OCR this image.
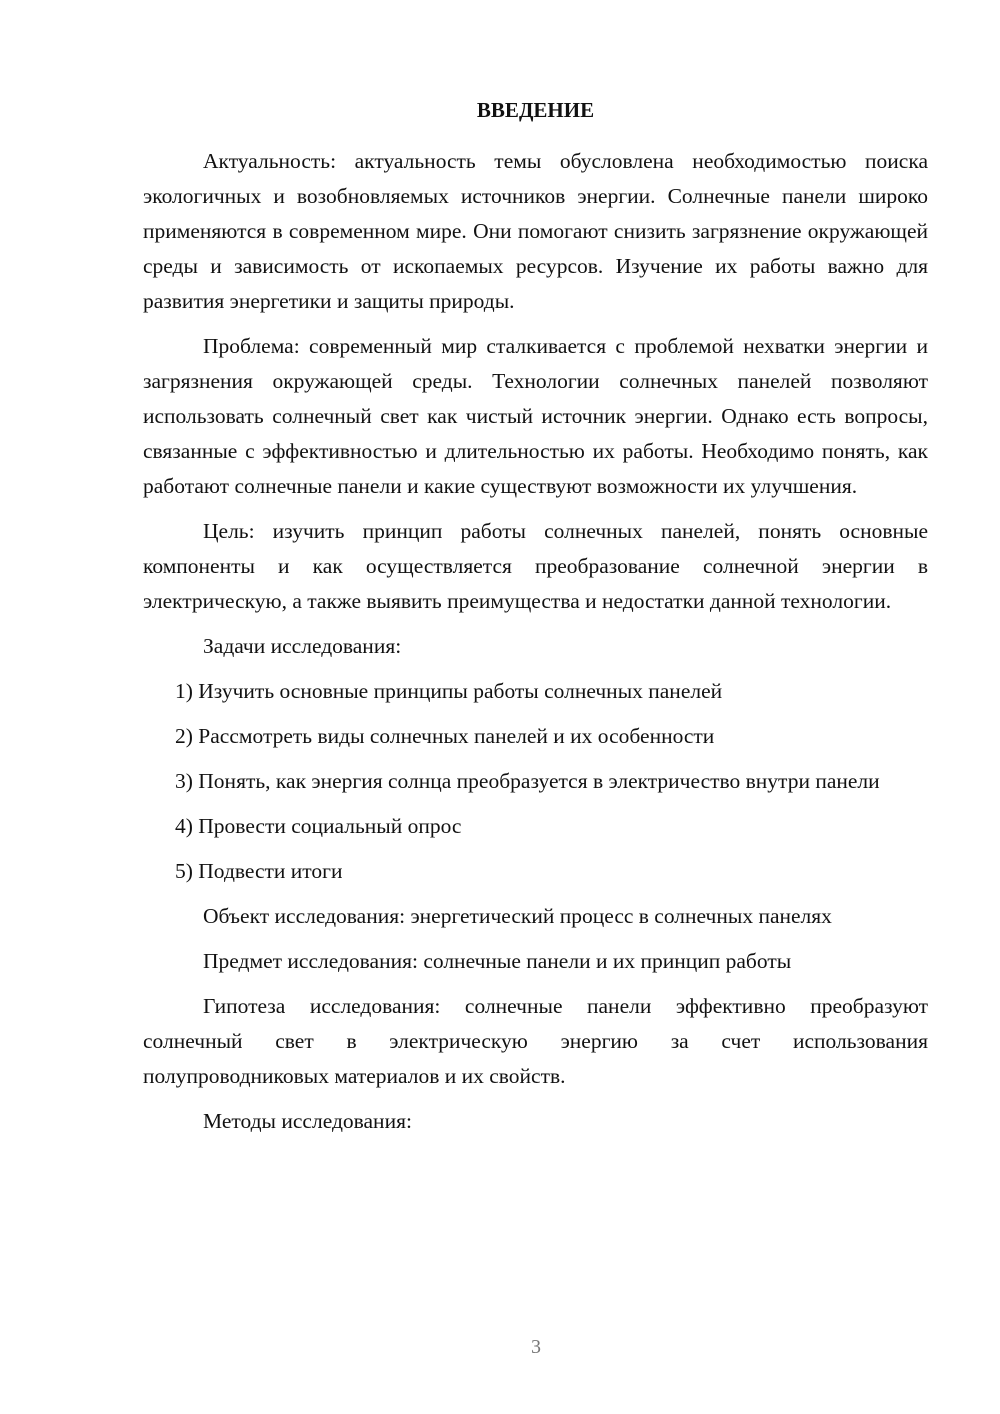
ВВЕДЕНИЕ

Актуальность: актуальность темы обусловлена необходимостью поиска экологичных и возобновляемых источников энергии. Солнечные панели широко применяются в современном мире. Они помогают снизить загрязнение окружающей среды и зависимость от ископаемых ресурсов. Изучение их работы важно для развития энергетики и защиты природы.

Проблема: современный мир сталкивается с проблемой нехватки энергии и загрязнения окружающей среды. Технологии солнечных панелей позволяют использовать солнечный свет как чистый источник энергии. Однако есть вопросы, связанные с эффективностью и длительностью их работы. Необходимо понять, как работают солнечные панели и какие существуют возможности их улучшения.

Цель: изучить принцип работы солнечных панелей, понять основные компоненты и как осуществляется преобразование солнечной энергии в электрическую, а также выявить преимущества и недостатки данной технологии.

Задачи исследования:

1) Изучить основные принципы работы солнечных панелей

2) Рассмотреть виды солнечных панелей и их особенности

3) Понять, как энергия солнца преобразуется в электричество внутри панели

4) Провести социальный опрос

5) Подвести итоги

Объект исследования: энергетический процесс в солнечных панелях

Предмет исследования: солнечные панели и их принцип работы

Гипотеза исследования: солнечные панели эффективно преобразуют солнечный свет в электрическую энергию за счет использования полупроводниковых материалов и их свойств.

Методы исследования:

3
